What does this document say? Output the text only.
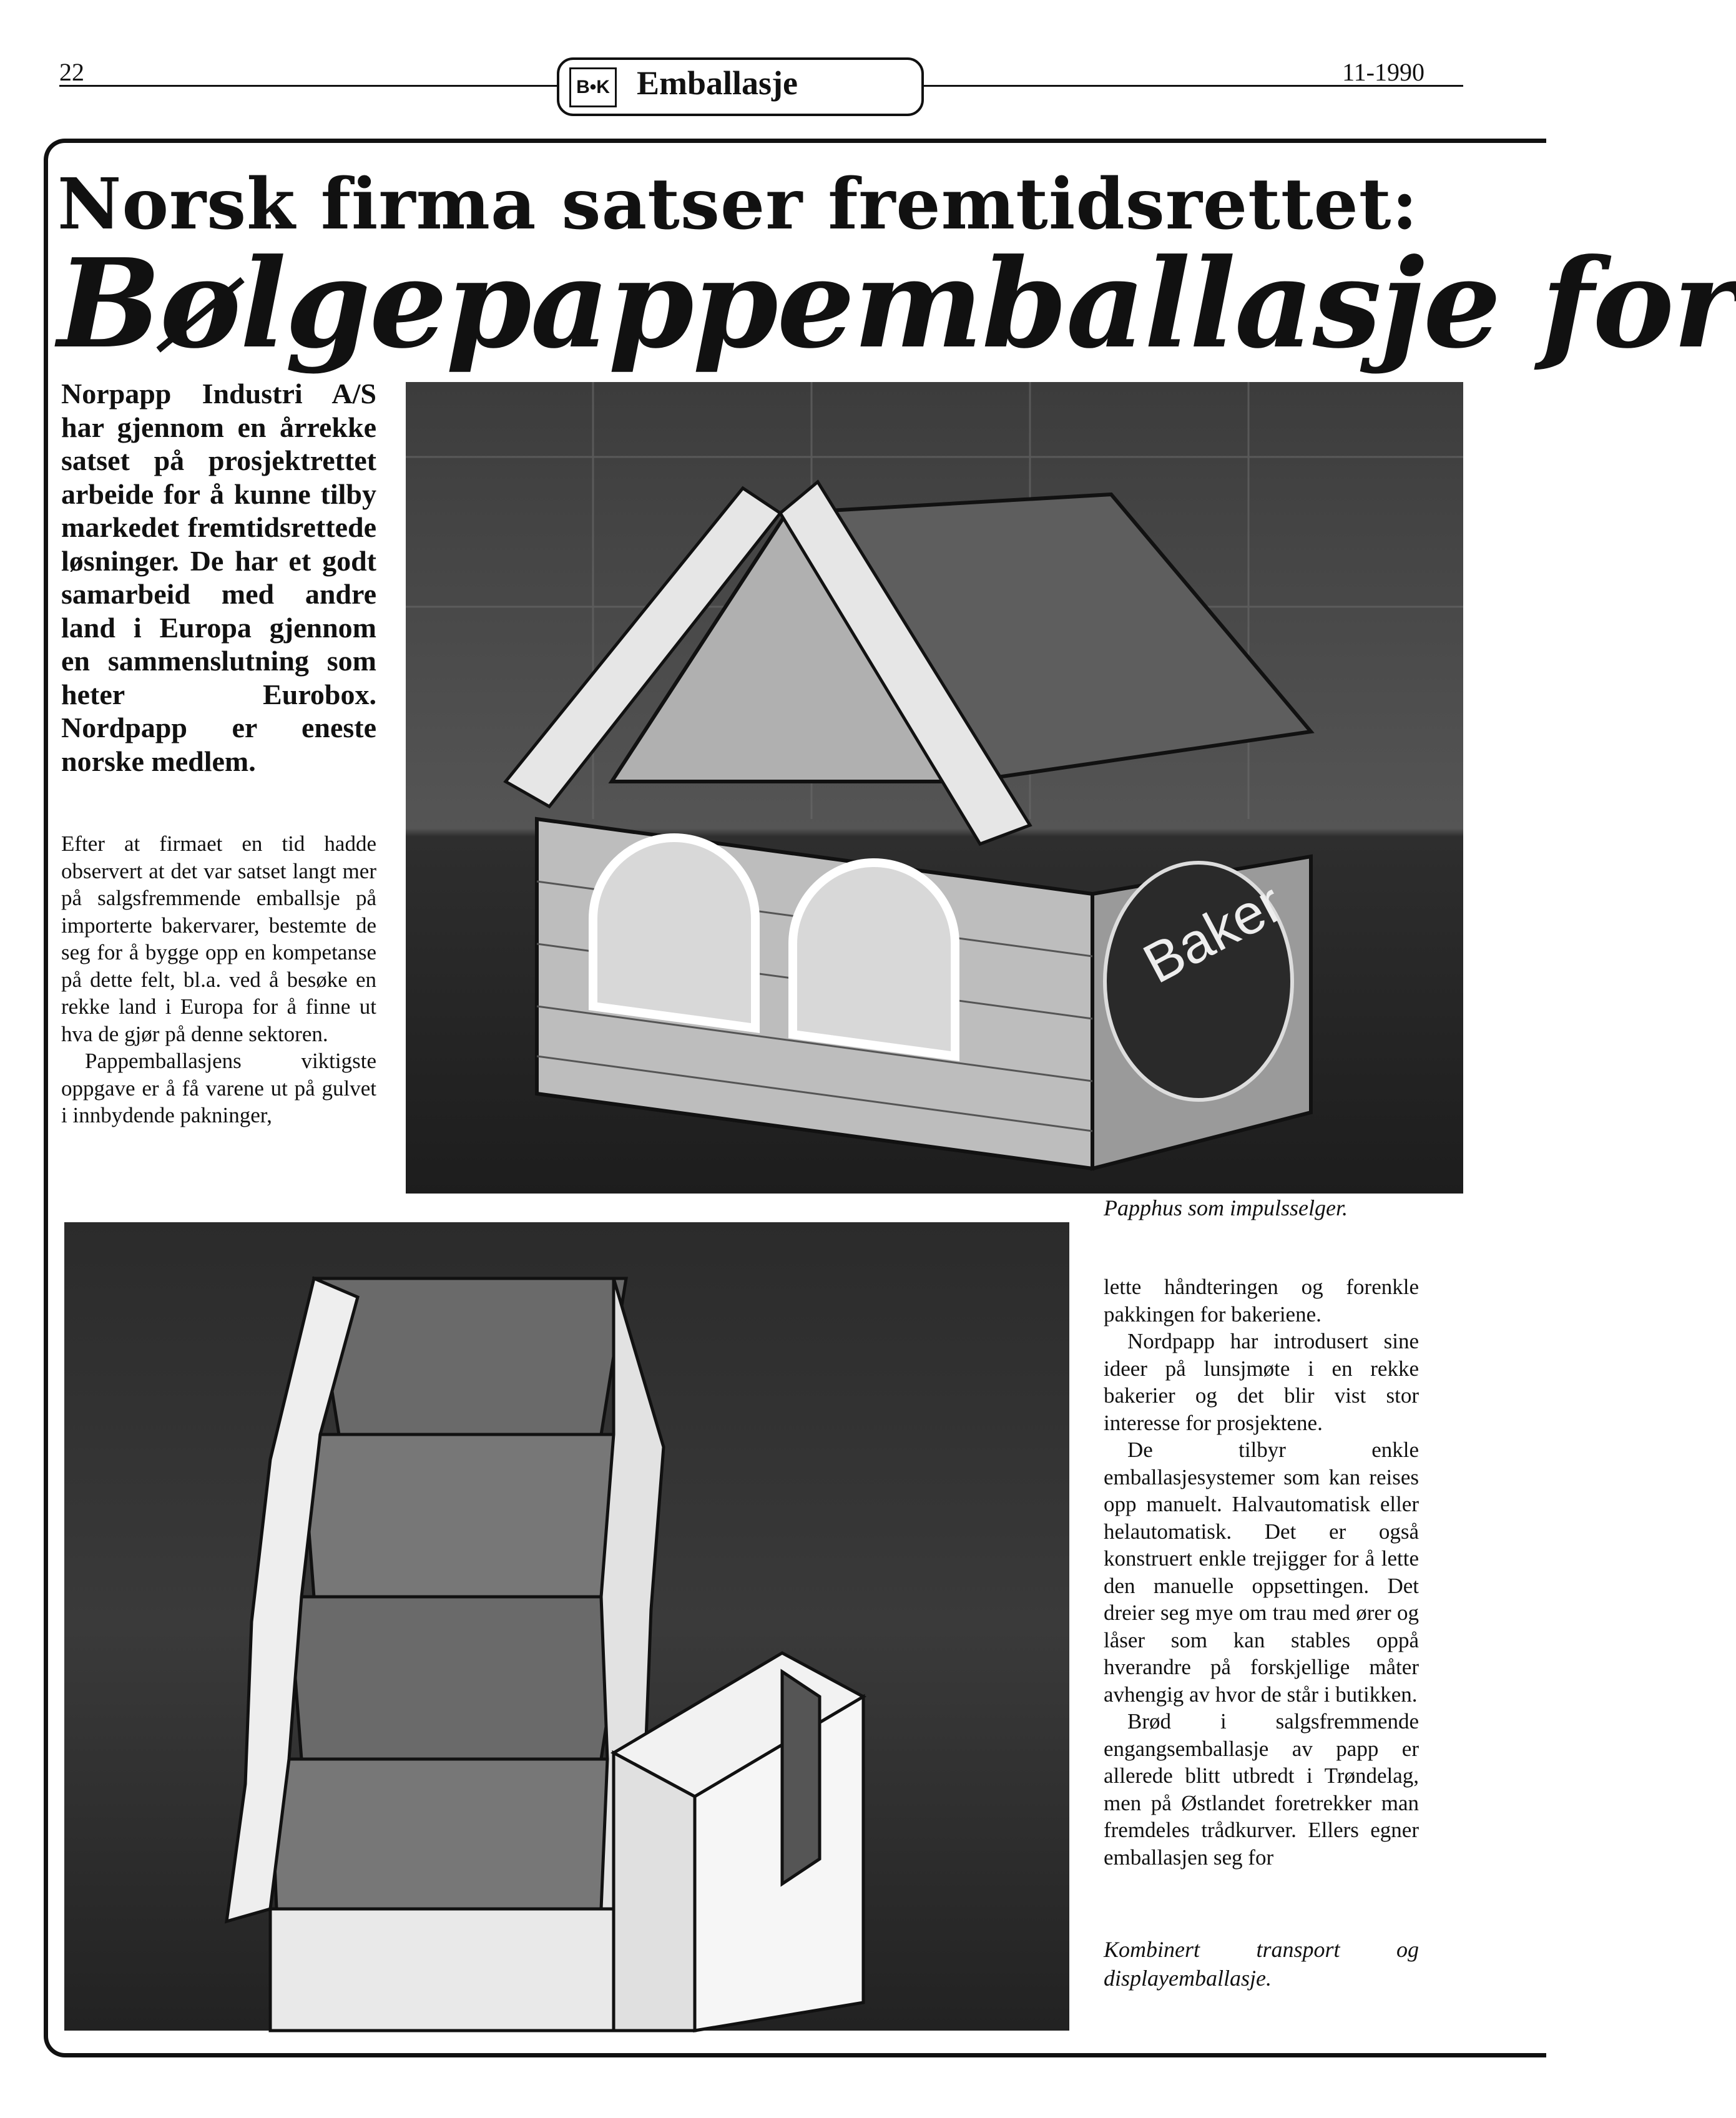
22	11-1990
B•K Emballasje
Norsk firma satser fremtidsrettet:
Bølgepappemballasje for
Norpapp Industri A/S har gjennom en årrekke satset på prosjektrettet arbeide for å kunne tilby markedet fremtidsrettede løsninger. De har et godt samarbeid med andre land i Europa gjennom en sammenslutning som heter Eurobox. Nordpapp er eneste norske medlem.

Efter at firmaet en tid hadde observert at det var satset langt mer på salgsfremmende emballsje på importerte bakervarer, bestemte de seg for å bygge opp en kompetanse på dette felt, bl.a. ved å besøke en rekke land i Europa for å finne ut hva de gjør på denne sektoren.

Pappemballasjens viktigste oppgave er å få varene ut på gulvet i innbydende pakninger,

Baker
Papphus som impulsselger.

lette håndteringen og forenkle pakkingen for bakeriene.

Nordpapp har introdusert sine ideer på lunsjmøte i en rekke bakerier og det blir vist stor interesse for prosjektene.

De tilbyr enkle emballasjesystemer som kan reises opp manuelt. Halvautomatisk eller helautomatisk. Det er også konstruert enkle trejigger for å lette den manuelle oppsettingen. Det dreier seg mye om trau med ører og låser som kan stables oppå hverandre på forskjellige måter avhengig av hvor de står i butikken.

Brød i salgsfremmende engangsemballasje av papp er allerede blitt utbredt i Trøndelag, men på Østlandet foretrekker man fremdeles trådkurver. Ellers egner emballasjen seg for

Kombinert transport og displayemballasje.
